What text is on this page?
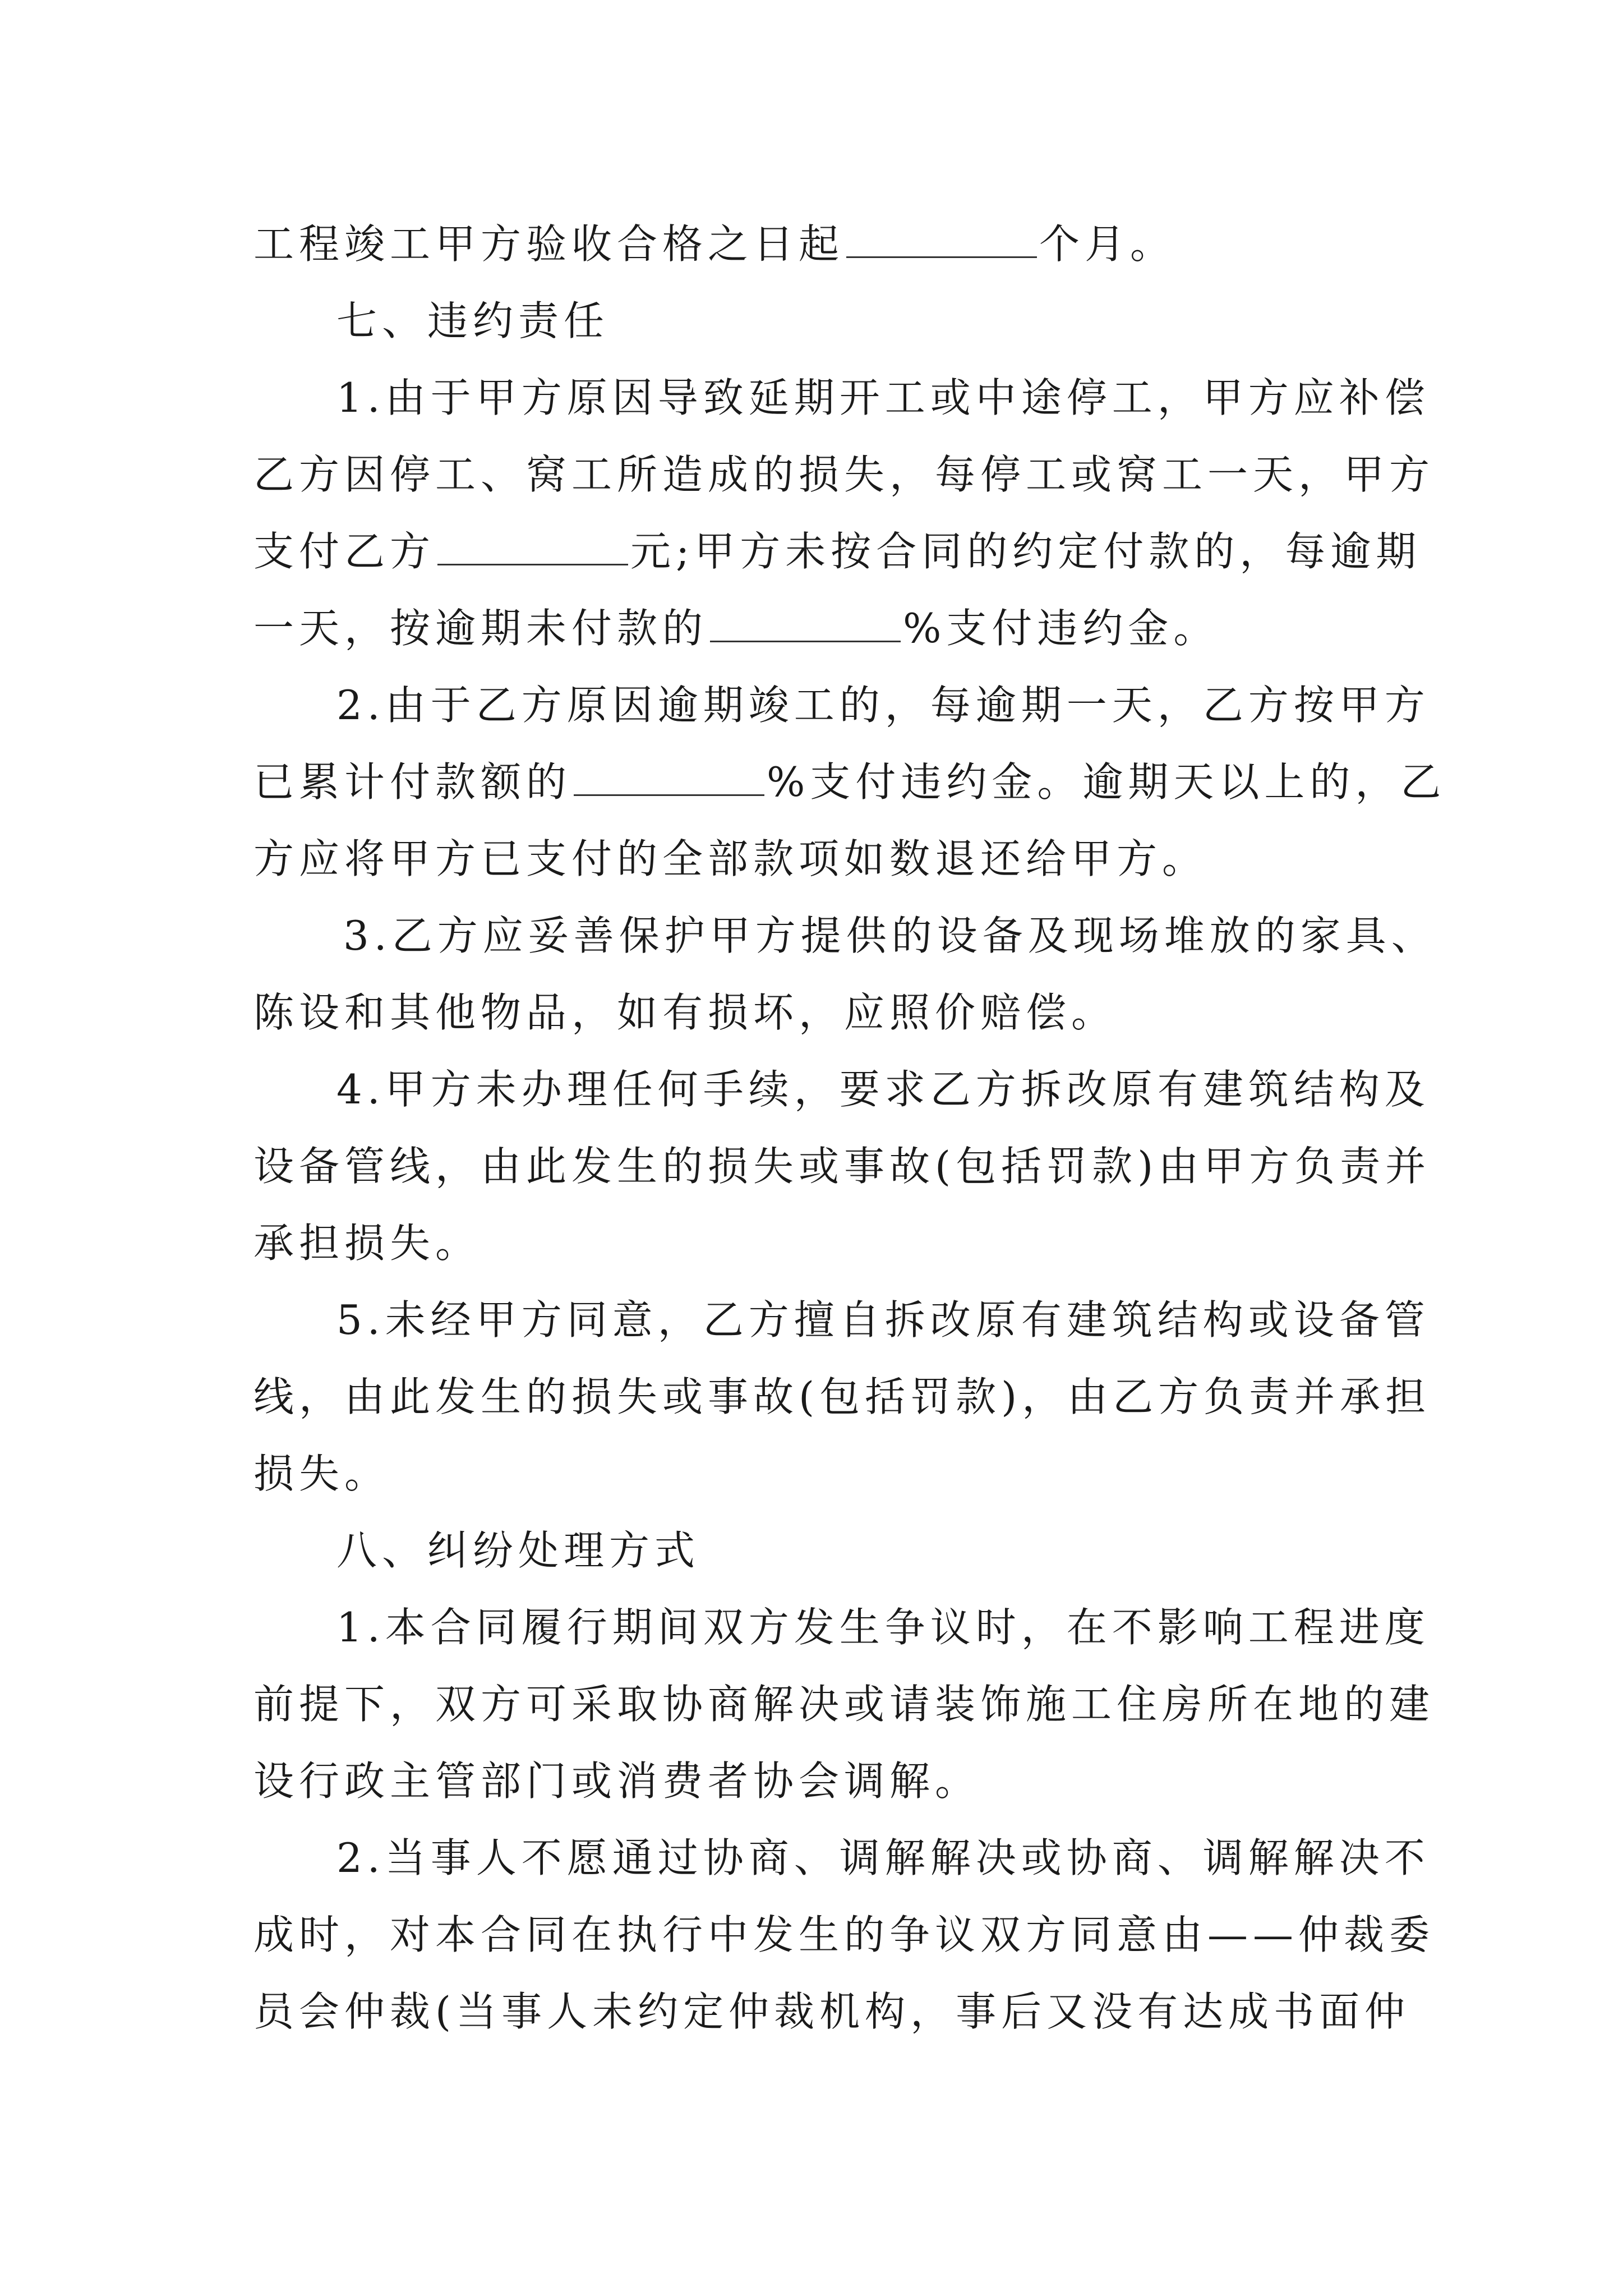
工程竣工甲方验收合格之日起	个月。

七、违约责任

1.由于甲方原因导致延期开工或中途停工，甲方应补偿

乙方因停工、窝工所造成的损失，每停工或窝工一天，甲方

支付乙方	元;甲方未按合同的约定付款的，每逾期

一天，按逾期未付款的	%支付违约金。

2.由于乙方原因逾期竣工的，每逾期一天，乙方按甲方

已累计付款额的	%支付违约金。逾期天以上的，乙

方应将甲方已支付的全部款项如数退还给甲方。

3.乙方应妥善保护甲方提供的设备及现场堆放的家具、

陈设和其他物品，如有损坏，应照价赔偿。

4.甲方未办理任何手续，要求乙方拆改原有建筑结构及

设备管线，由此发生的损失或事故(包括罚款)由甲方负责并

承担损失。

5.未经甲方同意，乙方擅自拆改原有建筑结构或设备管

线，由此发生的损失或事故(包括罚款)，由乙方负责并承担

损失。

八、纠纷处理方式

1.本合同履行期间双方发生争议时，在不影响工程进度

前提下，双方可采取协商解决或请装饰施工住房所在地的建

设行政主管部门或消费者协会调解。

2.当事人不愿通过协商、调解解决或协商、调解解决不

成时，对本合同在执行中发生的争议双方同意由——仲裁委

员会仲裁(当事人未约定仲裁机构，事后又没有达成书面仲
